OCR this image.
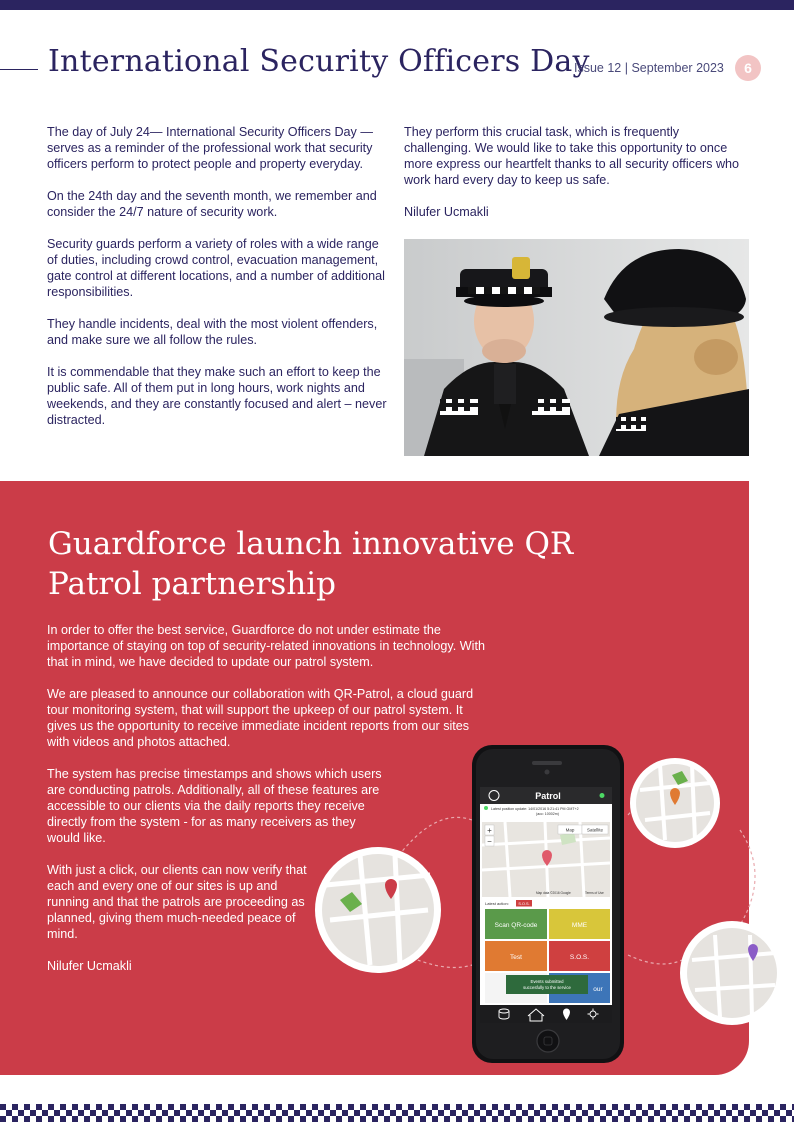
International Security Officers Day
Issue 12 | September 2023	6

The day of July 24— International Security Officers Day — serves as a reminder of the professional work that security officers perform to protect people and property everyday.

On the 24th day and the seventh month, we remember and consider the 24/7 nature of security work.

Security guards perform a variety of roles with a wide range of duties, including crowd control, evacuation management, gate control at different locations, and a number of additional responsibilities.

They handle incidents, deal with the most violent offenders, and make sure we all follow the rules.

It is commendable that they make such an effort to keep the public safe. All of them put in long hours, work nights and weekends, and they are constantly focused and alert – never distracted.

They perform this crucial task, which is frequently challenging. We would like to take this opportunity to once more express our heartfelt thanks to all security officers who work hard every day to keep us safe.

Nilufer Ucmakli

Guardforce launch innovative QR Patrol partnership

In order to offer the best service, Guardforce do not under estimate the importance of staying on top of security-related innovations in technology. With that in mind, we have decided to update our patrol system.

We are pleased to announce our collaboration with QR-Patrol, a cloud guard tour monitoring system, that will support the upkeep of our patrol system. It gives us the opportunity to receive immediate incident reports from our sites with videos and photos attached.

The system has precise timestamps and shows which users are conducting patrols. Additionally, all of these features are accessible to our clients via the daily reports they receive directly from the system - for as many receivers as they would like.

With just a click, our clients can now verify that each and every one of our sites is up and running and that the patrols are proceeding as planned, giving them much-needed peace of mind.

Nilufer Ucmakli

Patrol
Latest position update: 14/01/2016 5:21:41 PM GMT+2
(acc: 10002m)
Map	Satellite
+
−
Map data ©2016 Google	Terms of Use
Latest action:	S.O.S.
Scan QR-code	MME
Test	S.O.S.
our
Events submitted
succesfully to the service
